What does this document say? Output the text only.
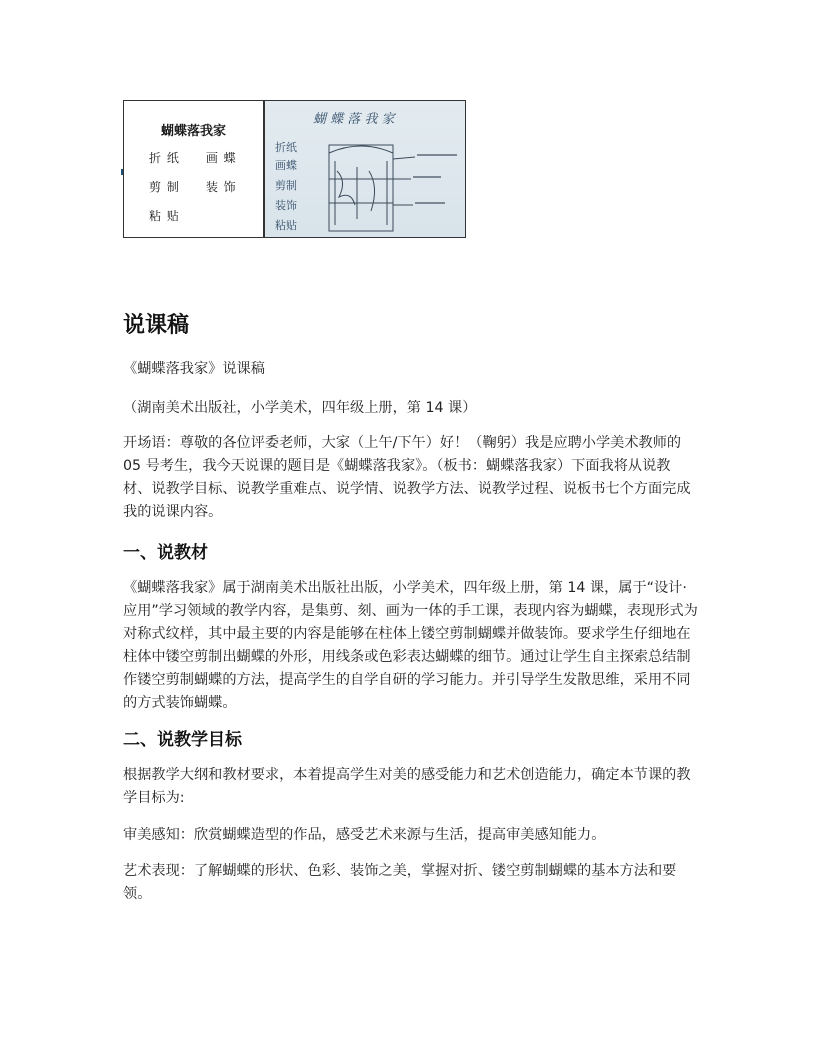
蝴蝶落我家
折 纸 画 蝶
剪 制 装 饰
粘 贴
蝴 蝶 落 我 家
折纸
画蝶
剪制
装饰
粘贴
说课稿

《蝴蝶落我家》说课稿

（湖南美术出版社，小学美术，四年级上册，第 14 课）

开场语：尊敬的各位评委老师，大家（上午/下午）好！（鞠躬）我是应聘小学美术教师的 05 号考生，我今天说课的题目是《蝴蝶落我家》。（板书：蝴蝶落我家）下面我将从说教材、说教学目标、说教学重难点、说学情、说教学方法、说教学过程、说板书七个方面完成我的说课内容。

一、说教材

《蝴蝶落我家》属于湖南美术出版社出版，小学美术，四年级上册，第 14 课，属于“设计·应用”学习领域的教学内容，是集剪、刻、画为一体的手工课，表现内容为蝴蝶，表现形式为对称式纹样，其中最主要的内容是能够在柱体上镂空剪制蝴蝶并做装饰。要求学生仔细地在柱体中镂空剪制出蝴蝶的外形，用线条或色彩表达蝴蝶的细节。通过让学生自主探索总结制作镂空剪制蝴蝶的方法，提高学生的自学自研的学习能力。并引导学生发散思维，采用不同的方式装饰蝴蝶。

二、说教学目标

根据教学大纲和教材要求，本着提高学生对美的感受能力和艺术创造能力，确定本节课的教学目标为:

审美感知：欣赏蝴蝶造型的作品，感受艺术来源与生活，提高审美感知能力。

艺术表现：了解蝴蝶的形状、色彩、装饰之美，掌握对折、镂空剪制蝴蝶的基本方法和要领。
